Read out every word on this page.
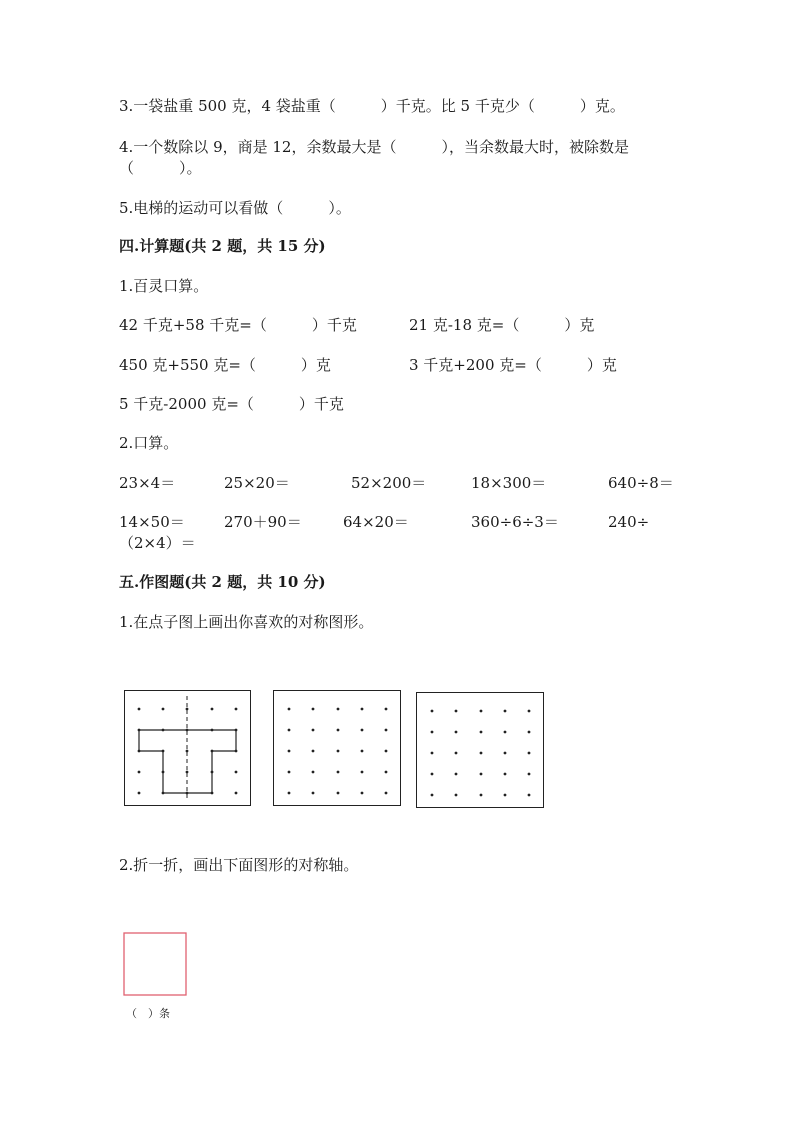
3.一袋盐重 500 克，4 袋盐重（　　　）千克。比 5 千克少（　　　）克。
4.一个数除以 9，商是 12，余数最大是（　　　），当余数最大时，被除数是
（　　　）。
5.电梯的运动可以看做（　　　）。
四.计算题(共 2 题，共 15 分)
1.百灵口算。
42 千克+58 千克=（　　　）千克	21 克-18 克=（　　　）克
450 克+550 克=（　　　）克	3 千克+200 克=（　　　）克
5 千克-2000 克=（　　　）千克
2.口算。
23×4＝	25×20＝	52×200＝	18×300＝	640÷8＝
14×50＝	270＋90＝	64×20＝	360÷6÷3＝	240÷
（2×4）＝
五.作图题(共 2 题，共 10 分)
1.在点子图上画出你喜欢的对称图形。
2.折一折，画出下面图形的对称轴。
（　）条
